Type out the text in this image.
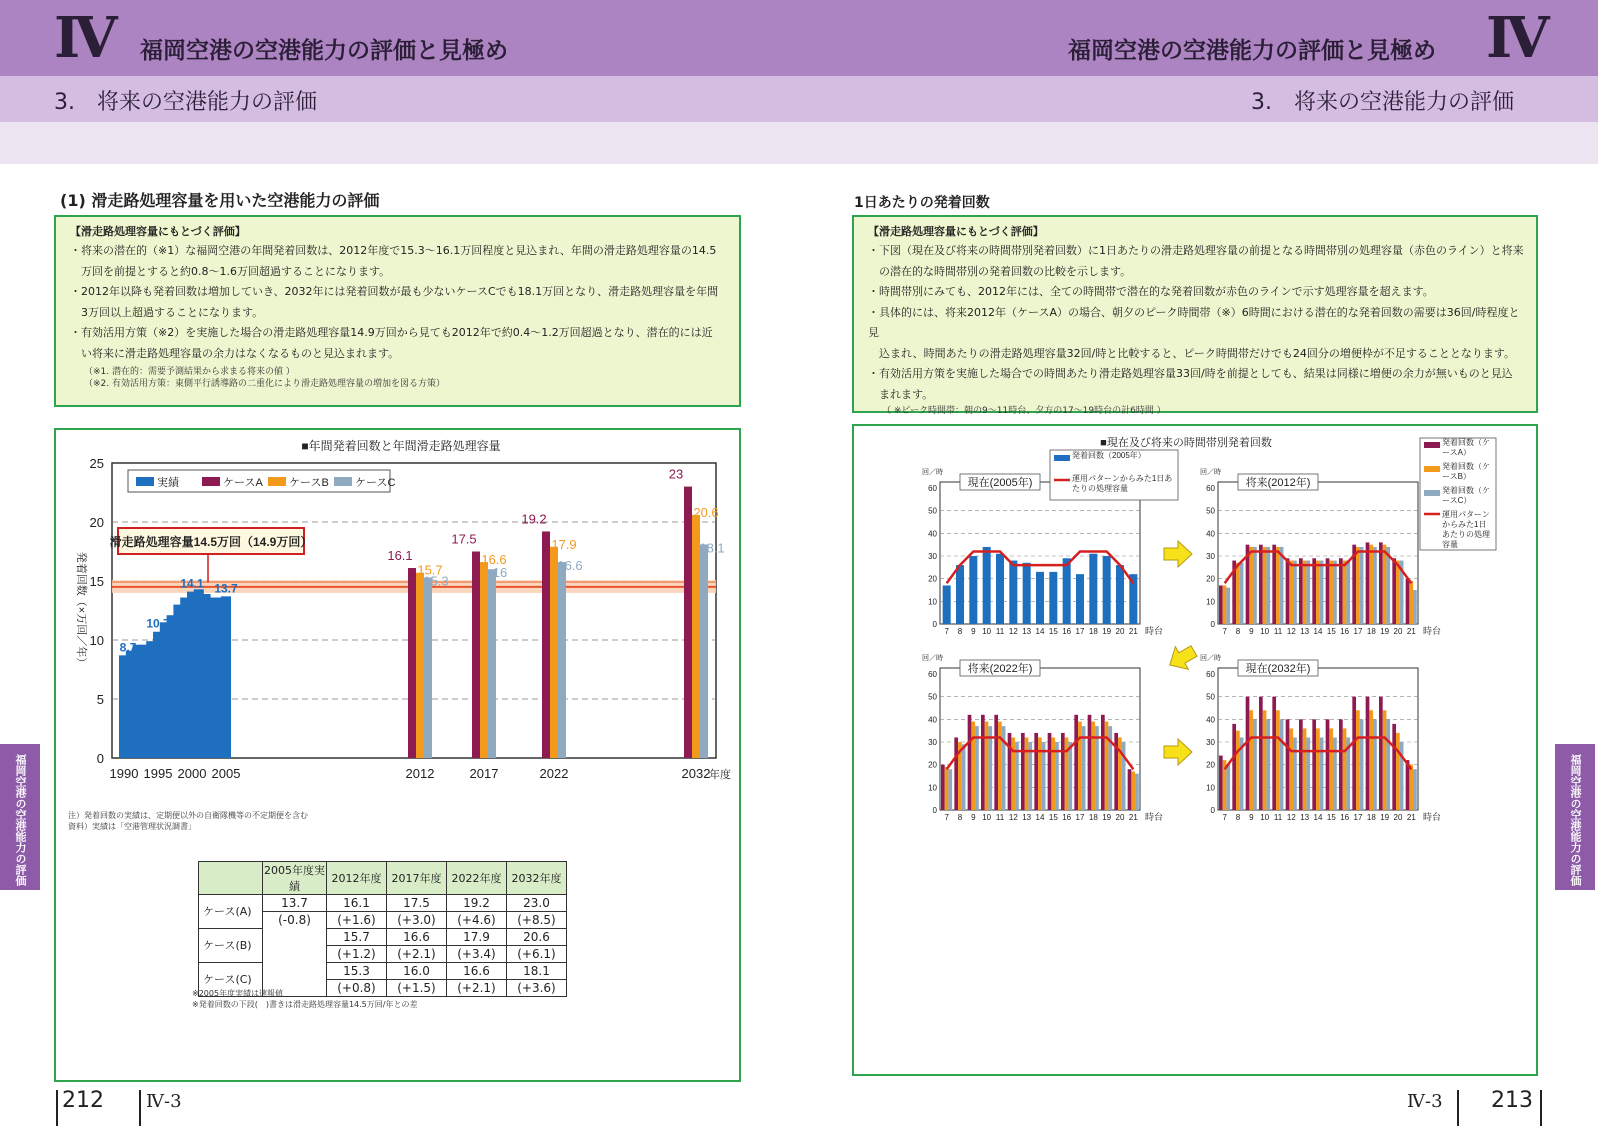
Ⅳ 福岡空港の空港能力の評価と見極め
3.　将来の空港能力の評価
Ⅳ
福岡空港の空港能力の評価と見極め
3.　将来の空港能力の評価
福岡空港の空港能力の評価
福岡空港の空港能力の評価
(1) 滑走路処理容量を用いた空港能力の評価
【滑走路処理容量にもとづく評価】
・将来の潜在的（※1）な福岡空港の年間発着回数は、2012年度で15.3〜16.1万回程度と見込まれ、年間の滑走路処理容量の14.5
　万回を前提とすると約0.8〜1.6万回超過することになります。
・2012年以降も発着回数は増加していき、2032年には発着回数が最も少ないケースCでも18.1万回となり、滑走路処理容量を年間
　3万回以上超過することになります。
・有効活用方策（※2）を実施した場合の滑走路処理容量14.9万回から見ても2012年で約0.4〜1.2万回超過となり、潜在的には近
　い将来に滑走路処理容量の余力はなくなるものと見込まれます。
（※1. 潜在的：需要予測結果から求まる将来の値 ）
（※2. 有効活用方策：東側平行誘導路の二重化により滑走路処理容量の増加を図る方策）
■年間発着回数と年間滑走路処理容量
0
5
10
15
20
25
滑走路処理容量14.5万回（14.9万回）
発着回数（×万回／年）
実績	ケースA ケースB ケースC
8.7
10.7
14.1 13.7
16.1
15.7
15.3
17.5
16.6
16
19.2
17.9
16.6
23
20.6
18.1
1990 1995 2000 2005	2012	2017	2022	2032
年度
注）発着回数の実績は、定期便以外の自衛隊機等の不定期便を含む
資料）実績は「空港管理状況調書」
	2005年度実績	2012年度	2017年度	2022年度	2032年度
ケース(A)	13.7	16.1	17.5	19.2	23.0
	(-0.8)	(+1.6)	(+3.0)	(+4.6)	(+8.5)
ケース(B)		15.7	16.6	17.9	20.6
		(+1.2)	(+2.1)	(+3.4)	(+6.1)
ケース(C)		15.3	16.0	16.6	18.1
		(+0.8)	(+1.5)	(+2.1)	(+3.6)
※2005年度実績は速報値
※発着回数の下段(　)書きは滑走路処理容量14.5万回/年との差
212 Ⅳ-3
1日あたりの発着回数
【滑走路処理容量にもとづく評価】
・下図（現在及び将来の時間帯別発着回数）に1日あたりの滑走路処理容量の前提となる時間帯別の処理容量（赤色のライン）と将来
　の潜在的な時間帯別の発着回数の比較を示します。
・時間帯別にみても、2012年には、全ての時間帯で潜在的な発着回数が赤色のラインで示す処理容量を超えます。
・具体的には、将来2012年（ケースA）の場合、朝夕のピーク時間帯（※）6時間における潜在的な発着回数の需要は36回/時程度と見
　込まれ、時間あたりの滑走路処理容量32回/時と比較すると、ピーク時間帯だけでも24回分の増便枠が不足することとなります。
・有効活用方策を実施した場合での時間あたり滑走路処理容量33回/時を前提としても、結果は同様に増便の余力が無いものと見込
　まれます。
（ ※ピーク時間帯：朝の9〜11時台、夕方の17〜19時台の計6時間 ）
■現在及び将来の時間帯別発着回数
0
10
20
30
40
50
60
回／時
7 8 9 10 11 12 13 14 15 16 17 18 19 20 21 時台
現在(2005年)
0
10
20
30
40
50
60
回／時
7 8 9 10 11 12 13 14 15 16 17 18 19 20 21 時台
将来(2012年)
0
10
20
30
40
50
60
回／時
7 8 9 10 11 12 13 14 15 16 17 18 19 20 21 時台
将来(2022年)
0
10
20
30
40
50
60
回／時
7 8 9 10 11 12 13 14 15 16 17 18 19 20 21 時台
現在(2032年)
発着回数（2005年）
運用パターンからみた1日あたりの処理容量
発着回数（ケースA）
発着回数（ケースB）
発着回数（ケースC）
運用パターンからみた1日あたりの処理容量
Ⅳ-3 213
